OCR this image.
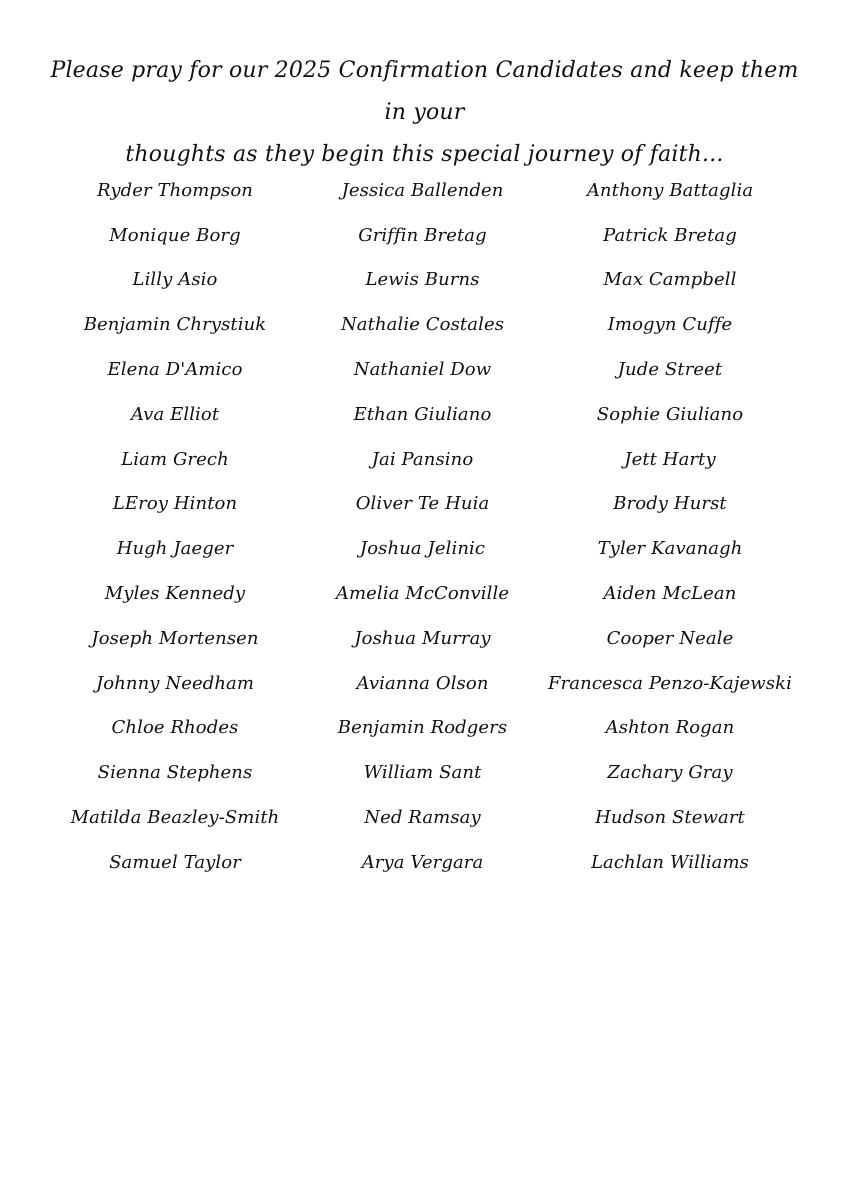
Please pray for our 2025 Confirmation Candidates and keep them in your
thoughts as they begin this special journey of faith...
Ryder Thompson	Jessica Ballenden	Anthony Battaglia
Monique Borg	Griffin Bretag	Patrick Bretag
Lilly Asio	Lewis Burns	Max Campbell
Benjamin Chrystiuk	Nathalie Costales	Imogyn Cuffe
Elena D'Amico	Nathaniel Dow	Jude Street
Ava Elliot	Ethan Giuliano	Sophie Giuliano
Liam Grech	Jai Pansino	Jett Harty
LEroy Hinton	Oliver Te Huia	Brody Hurst
Hugh Jaeger	Joshua Jelinic	Tyler Kavanagh
Myles Kennedy	Amelia McConville	Aiden McLean
Joseph Mortensen	Joshua Murray	Cooper Neale
Johnny Needham	Avianna Olson	Francesca Penzo-Kajewski
Chloe Rhodes	Benjamin Rodgers	Ashton Rogan
Sienna Stephens	William Sant	Zachary Gray
Matilda Beazley-Smith	Ned Ramsay	Hudson Stewart
Samuel Taylor	Arya Vergara	Lachlan Williams
